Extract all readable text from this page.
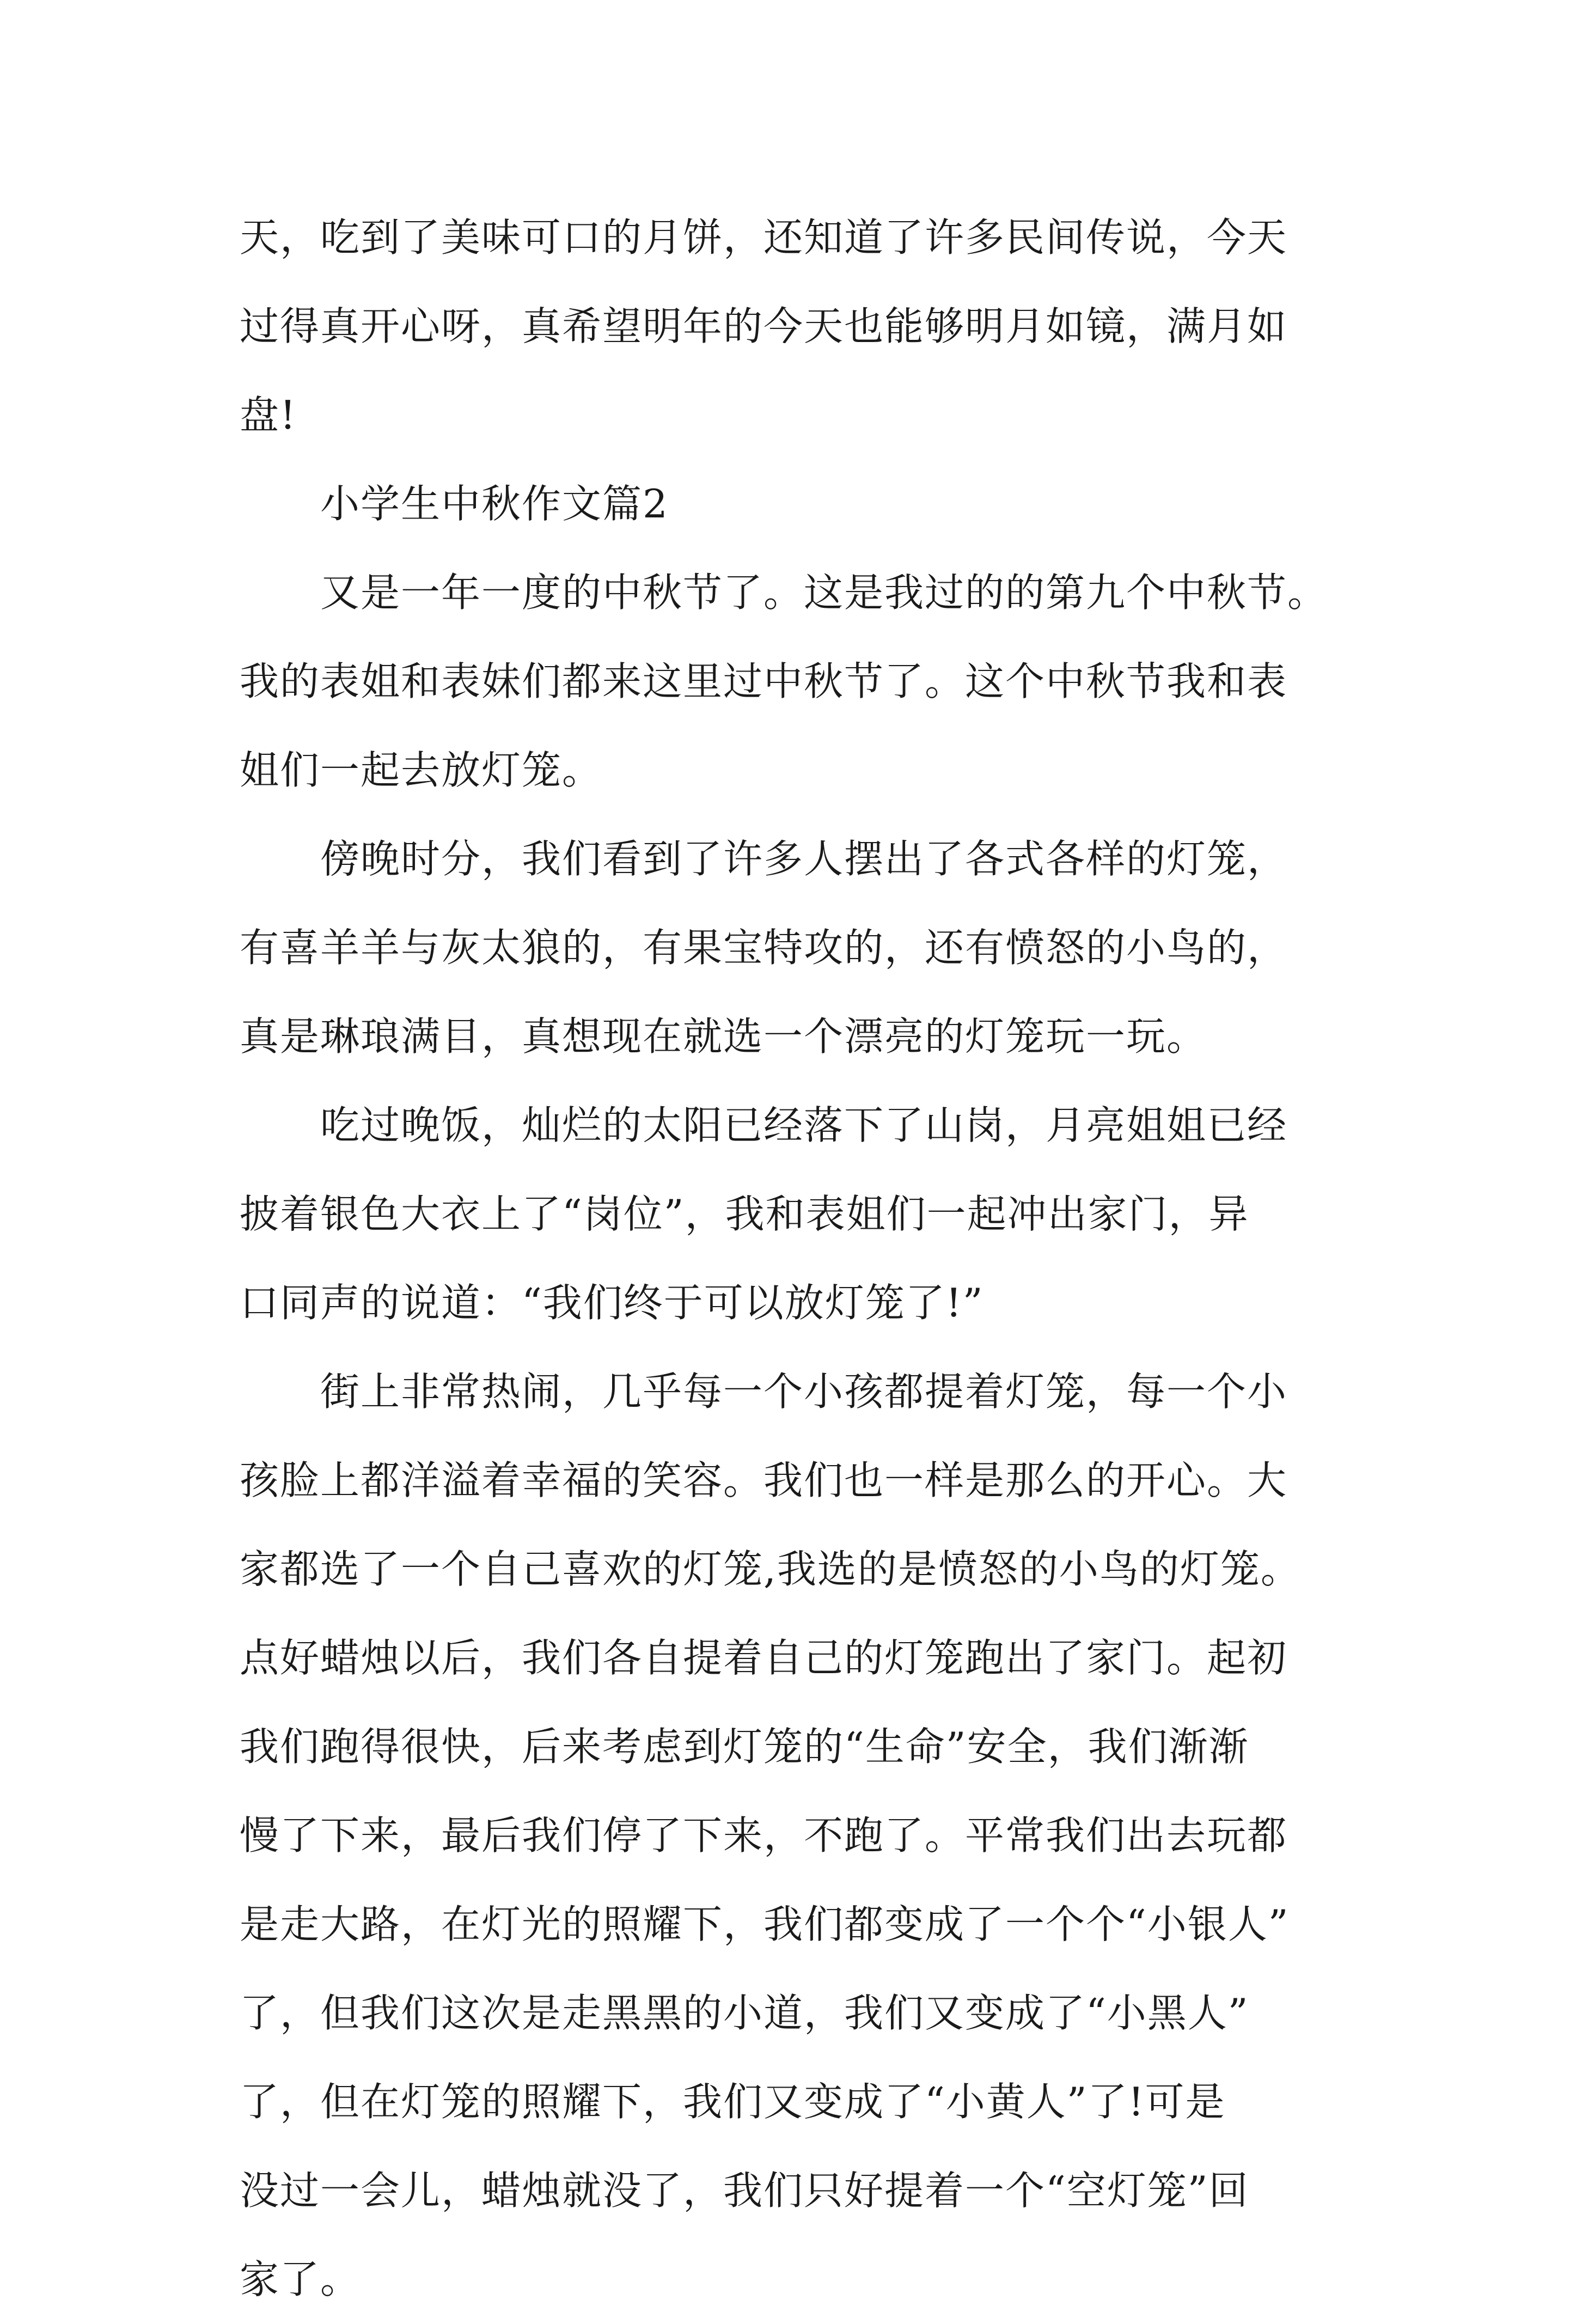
天，吃到了美味可口的月饼，还知道了许多民间传说，今天
过得真开心呀，真希望明年的今天也能够明月如镜，满月如
盘!
小学生中秋作文篇2
又是一年一度的中秋节了。这是我过的的第九个中秋节。
我的表姐和表妹们都来这里过中秋节了。这个中秋节我和表
姐们一起去放灯笼。
傍晚时分，我们看到了许多人摆出了各式各样的灯笼，
有喜羊羊与灰太狼的，有果宝特攻的，还有愤怒的小鸟的，
真是琳琅满目，真想现在就选一个漂亮的灯笼玩一玩。
吃过晚饭，灿烂的太阳已经落下了山岗，月亮姐姐已经
披着银色大衣上了“岗位”，我和表姐们一起冲出家门，异
口同声的说道：“我们终于可以放灯笼了!”
街上非常热闹，几乎每一个小孩都提着灯笼，每一个小
孩脸上都洋溢着幸福的笑容。我们也一样是那么的开心。大
家都选了一个自己喜欢的灯笼,我选的是愤怒的小鸟的灯笼。
点好蜡烛以后，我们各自提着自己的灯笼跑出了家门。起初
我们跑得很快，后来考虑到灯笼的“生命”安全，我们渐渐
慢了下来，最后我们停了下来，不跑了。平常我们出去玩都
是走大路，在灯光的照耀下，我们都变成了一个个“小银人”
了，但我们这次是走黑黑的小道，我们又变成了“小黑人”
了，但在灯笼的照耀下，我们又变成了“小黄人”了!可是
没过一会儿，蜡烛就没了，我们只好提着一个“空灯笼”回
家了。
